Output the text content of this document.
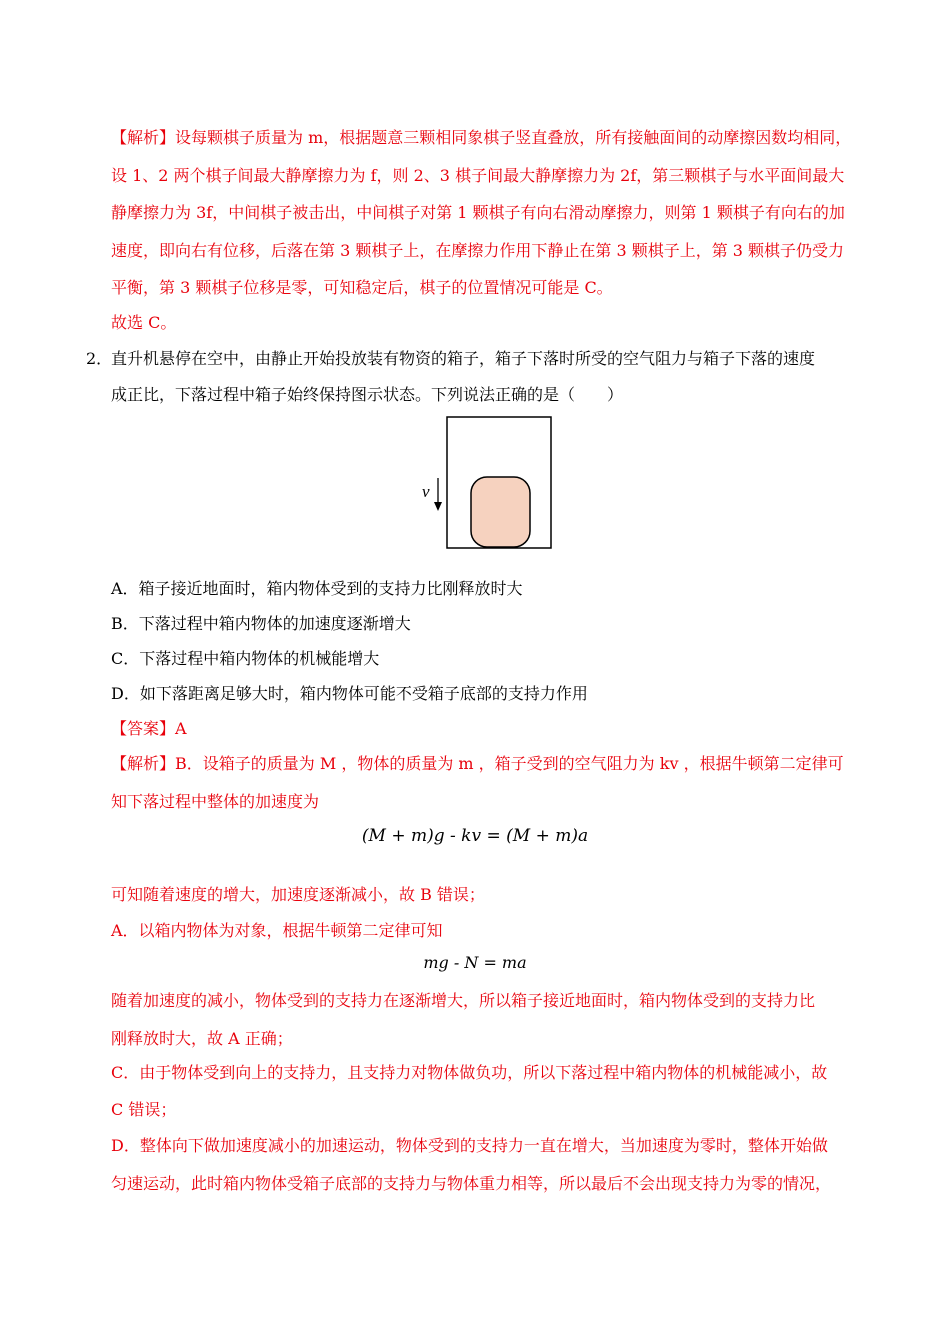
【解析】设每颗棋子质量为 m，根据题意三颗相同象棋子竖直叠放，所有接触面间的动摩擦因数均相同，
设 1、2 两个棋子间最大静摩擦力为 f，则 2、3 棋子间最大静摩擦力为 2f，第三颗棋子与水平面间最大
静摩擦力为 3f，中间棋子被击出，中间棋子对第 1 颗棋子有向右滑动摩擦力，则第 1 颗棋子有向右的加
速度，即向右有位移，后落在第 3 颗棋子上，在摩擦力作用下静止在第 3 颗棋子上，第 3 颗棋子仍受力
平衡，第 3 颗棋子位移是零，可知稳定后，棋子的位置情况可能是 C。
故选 C。
2．
直升机悬停在空中，由静止开始投放装有物资的箱子，箱子下落时所受的空气阻力与箱子下落的速度
成正比，下落过程中箱子始终保持图示状态。下列说法正确的是（　　）
v
A．箱子接近地面时，箱内物体受到的支持力比刚释放时大
B．下落过程中箱内物体的加速度逐渐增大
C．下落过程中箱内物体的机械能增大
D．如下落距离足够大时，箱内物体可能不受箱子底部的支持力作用
【答案】A
【解析】B．设箱子的质量为 M ，物体的质量为 m ，箱子受到的空气阻力为 kv ，根据牛顿第二定律可
知下落过程中整体的加速度为
(M + m)g - kv = (M + m)a
可知随着速度的增大，加速度逐渐减小，故 B 错误；
A．以箱内物体为对象，根据牛顿第二定律可知
mg - N = ma
随着加速度的减小，物体受到的支持力在逐渐增大，所以箱子接近地面时，箱内物体受到的支持力比
刚释放时大，故 A 正确；
C．由于物体受到向上的支持力，且支持力对物体做负功，所以下落过程中箱内物体的机械能减小，故
C 错误；
D．整体向下做加速度减小的加速运动，物体受到的支持力一直在增大，当加速度为零时，整体开始做
匀速运动，此时箱内物体受箱子底部的支持力与物体重力相等，所以最后不会出现支持力为零的情况，
